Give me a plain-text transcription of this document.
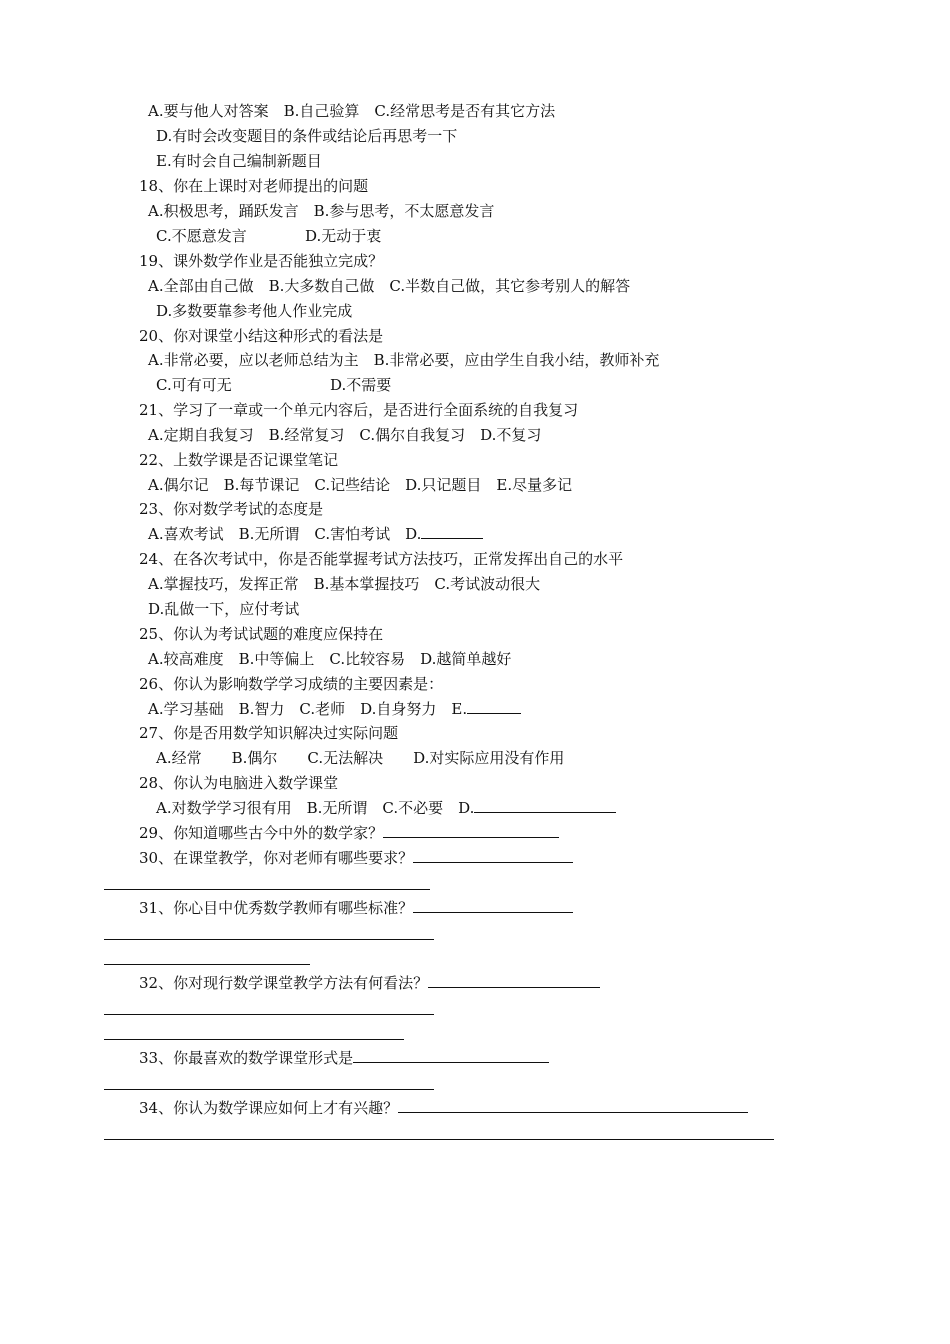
A.要与他人对答案　B.自己验算　C.经常思考是否有其它方法
D.有时会改变题目的条件或结论后再思考一下
E.有时会自己编制新题目
18、你在上课时对老师提出的问题
A.积极思考，踊跃发言　B.参与思考，不太愿意发言
C.不愿意发言	D.无动于衷
19、课外数学作业是否能独立完成？
A.全部由自己做　B.大多数自己做　C.半数自己做，其它参考别人的解答
D.多数要靠参考他人作业完成
20、你对课堂小结这种形式的看法是
A.非常必要，应以老师总结为主　B.非常必要，应由学生自我小结，教师补充
C.可有可无	D.不需要
21、学习了一章或一个单元内容后，是否进行全面系统的自我复习
A.定期自我复习　B.经常复习　C.偶尔自我复习　D.不复习
22、上数学课是否记课堂笔记
A.偶尔记　B.每节课记　C.记些结论　D.只记题目　E.尽量多记
23、你对数学考试的态度是
A.喜欢考试　B.无所谓　C.害怕考试　D.
24、在各次考试中，你是否能掌握考试方法技巧，正常发挥出自己的水平
A.掌握技巧，发挥正常　B.基本掌握技巧　C.考试波动很大
D.乱做一下，应付考试
25、你认为考试试题的难度应保持在
A.较高难度　B.中等偏上　C.比较容易　D.越简单越好
26、你认为影响数学学习成绩的主要因素是：
A.学习基础　B.智力　C.老师　D.自身努力　E.
27、你是否用数学知识解决过实际问题
A.经常　　B.偶尔　　C.无法解决　　D.对实际应用没有作用
28、你认为电脑进入数学课堂
A.对数学学习很有用　B.无所谓　C.不必要　D.
29、你知道哪些古今中外的数学家？
30、在课堂教学，你对老师有哪些要求？
31、你心目中优秀数学教师有哪些标准？
32、你对现行数学课堂教学方法有何看法？
33、你最喜欢的数学课堂形式是
34、你认为数学课应如何上才有兴趣？
